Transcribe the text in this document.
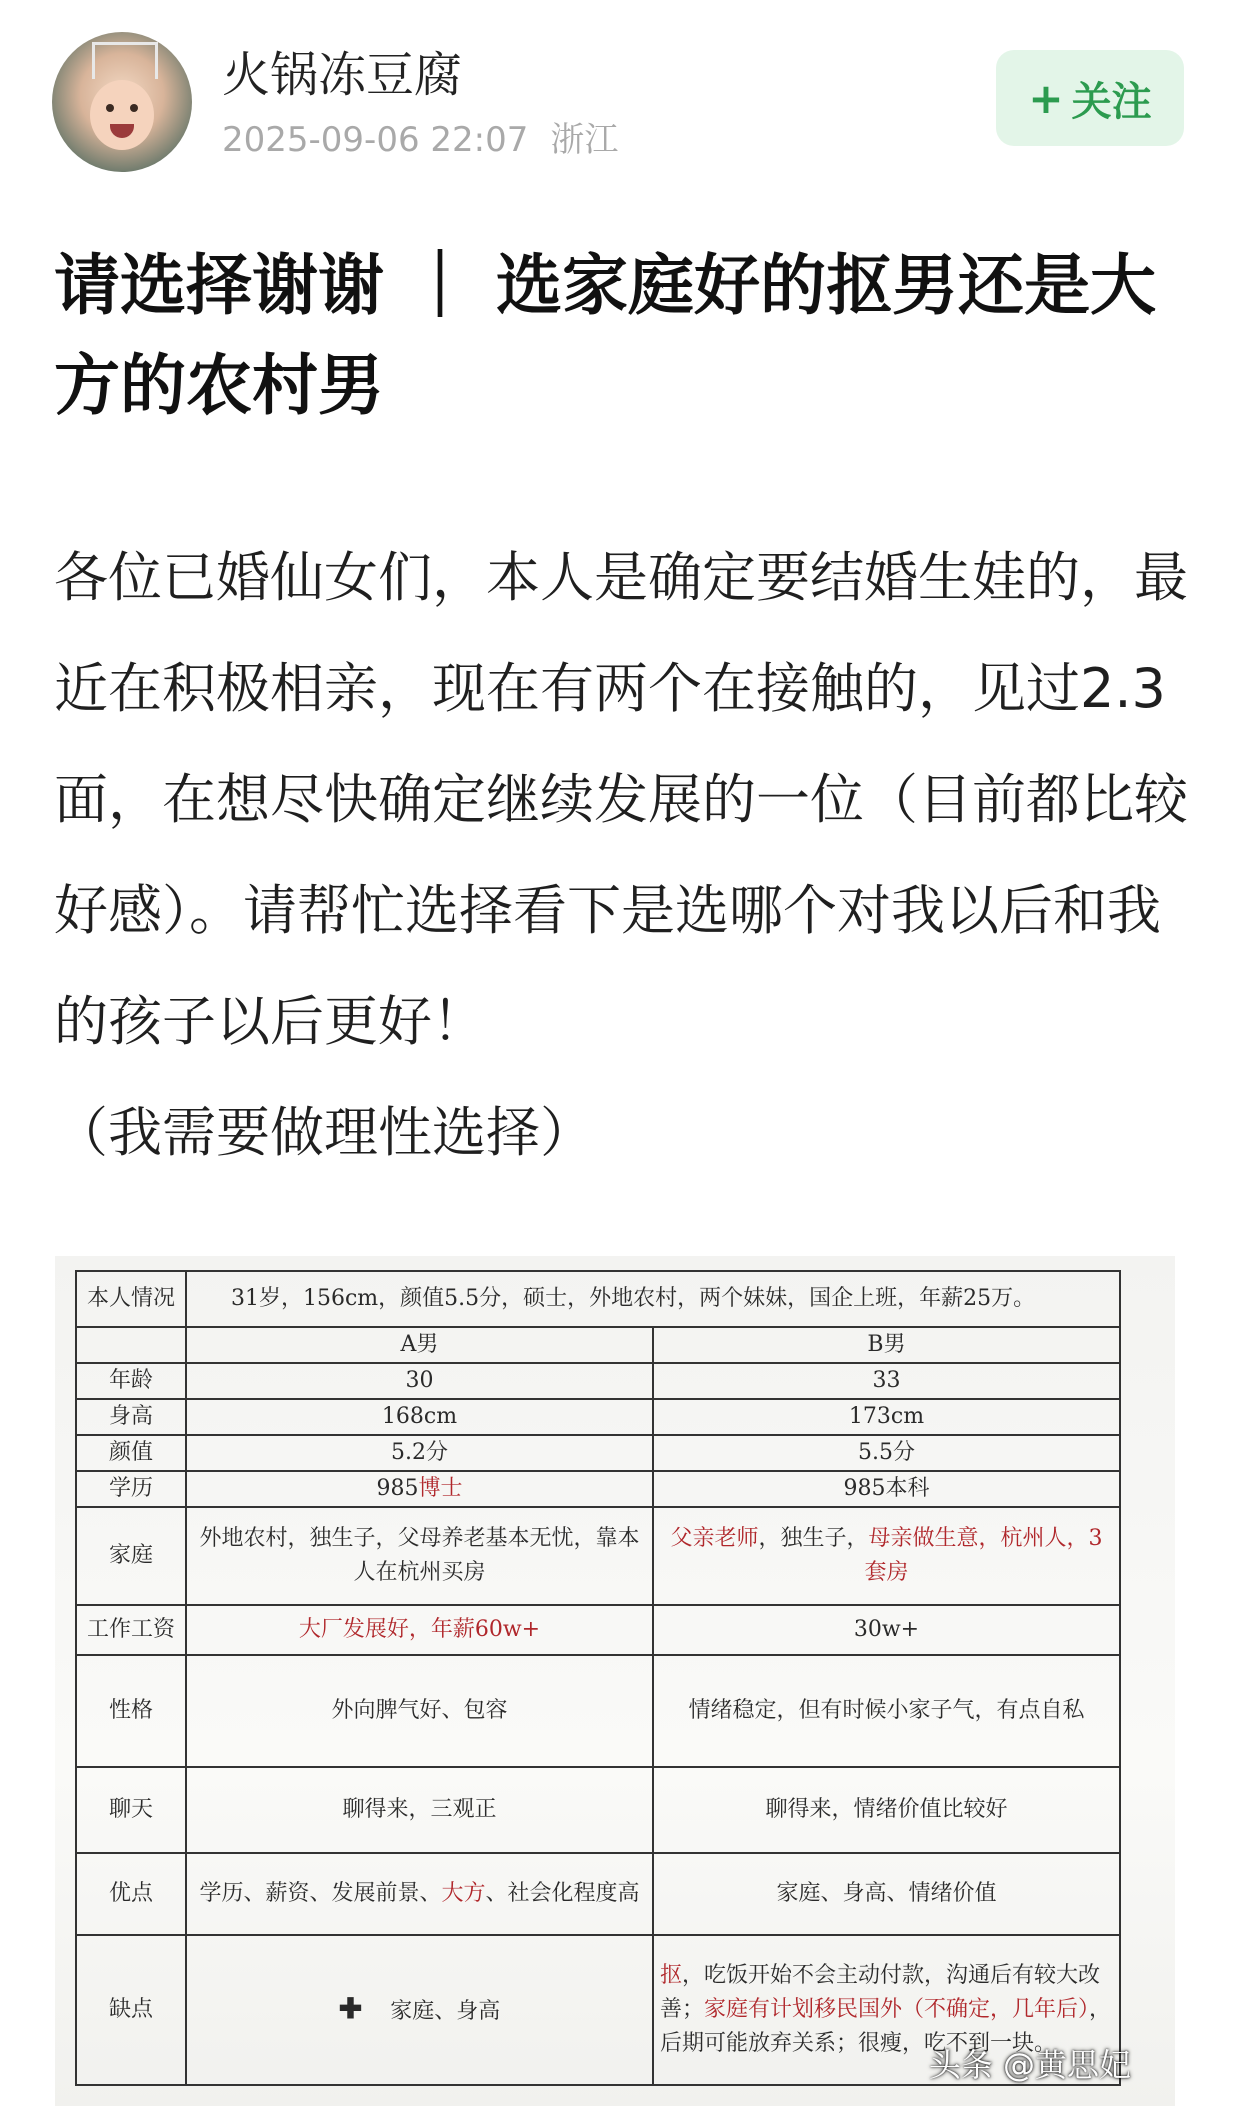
火锅冻豆腐
2025-09-06 22:07 浙江
+ 关注
请选择谢谢 ｜ 选家庭好的抠男还是大方的农村男

各位已婚仙女们，本人是确定要结婚生娃的，最近在积极相亲，现在有两个在接触的，见过2.3面，在想尽快确定继续发展的一位（目前都比较好感）。请帮忙选择看下是选哪个对我以后和我的孩子以后更好！

（我需要做理性选择）

本人情况	31岁，156cm，颜值5.5分，硕士，外地农村，两个妹妹，国企上班，年薪25万。	
	A男	B男
年龄	30	33
身高	168cm	173cm
颜值	5.2分	5.5分
学历	985博士	985本科
家庭	外地农村，独生子，父母养老基本无忧，靠本人在杭州买房	父亲老师，独生子，母亲做生意，杭州人，3套房
工作工资	大厂发展好，年薪60w+	30w+
性格	外向脾气好、包容	情绪稳定，但有时候小家子气，有点自私
聊天	聊得来，三观正	聊得来，情绪价值比较好
优点	学历、薪资、发展前景、大方、社会化程度高	家庭、身高、情绪价值
缺点	✚ 家庭、身高	抠，吃饭开始不会主动付款，沟通后有较大改善；家庭有计划移民国外（不确定，几年后），后期可能放弃关系；很瘦，吃不到一块。
头条 @黄思妃
